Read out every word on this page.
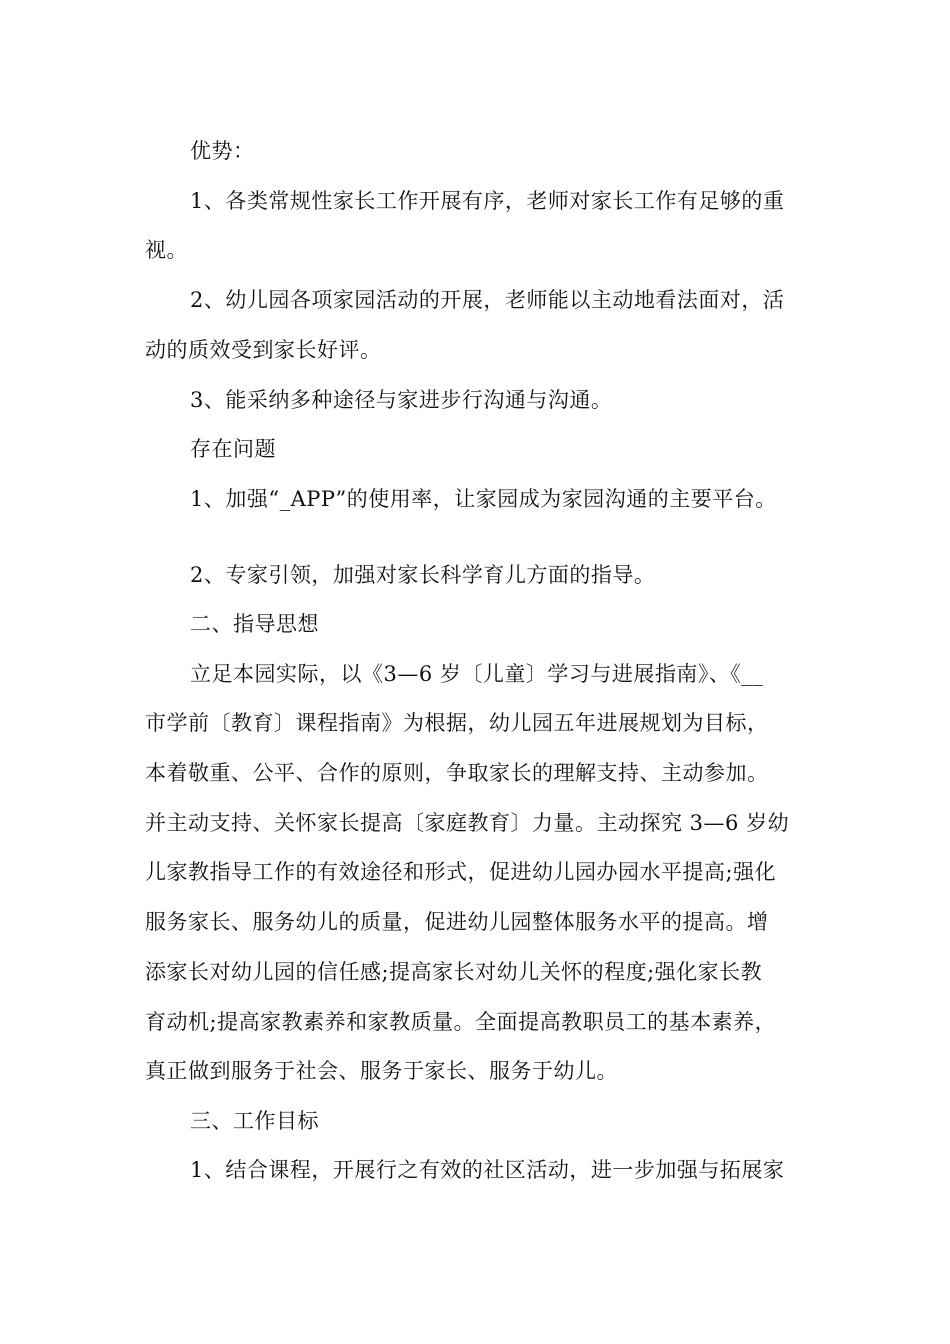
优势：
1、各类常规性家长工作开展有序，老师对家长工作有足够的重
视。
2、幼儿园各项家园活动的开展，老师能以主动地看法面对，活
动的质效受到家长好评。
3、能采纳多种途径与家进步行沟通与沟通。
存在问题
1、加强“_APP”的使用率，让家园成为家园沟通的主要平台。
2、专家引领，加强对家长科学育儿方面的指导。
二、指导思想
立足本园实际，以《3—6 岁〔儿童〕学习与进展指南》、《__
市学前〔教育〕课程指南》为根据，幼儿园五年进展规划为目标，
本着敬重、公平、合作的原则，争取家长的理解支持、主动参加。
并主动支持、关怀家长提高〔家庭教育〕力量。主动探究 3—6 岁幼
儿家教指导工作的有效途径和形式，促进幼儿园办园水平提高;强化
服务家长、服务幼儿的质量，促进幼儿园整体服务水平的提高。增
添家长对幼儿园的信任感;提高家长对幼儿关怀的程度;强化家长教
育动机;提高家教素养和家教质量。全面提高教职员工的基本素养，
真正做到服务于社会、服务于家长、服务于幼儿。
三、工作目标
1、结合课程，开展行之有效的社区活动，进一步加强与拓展家
